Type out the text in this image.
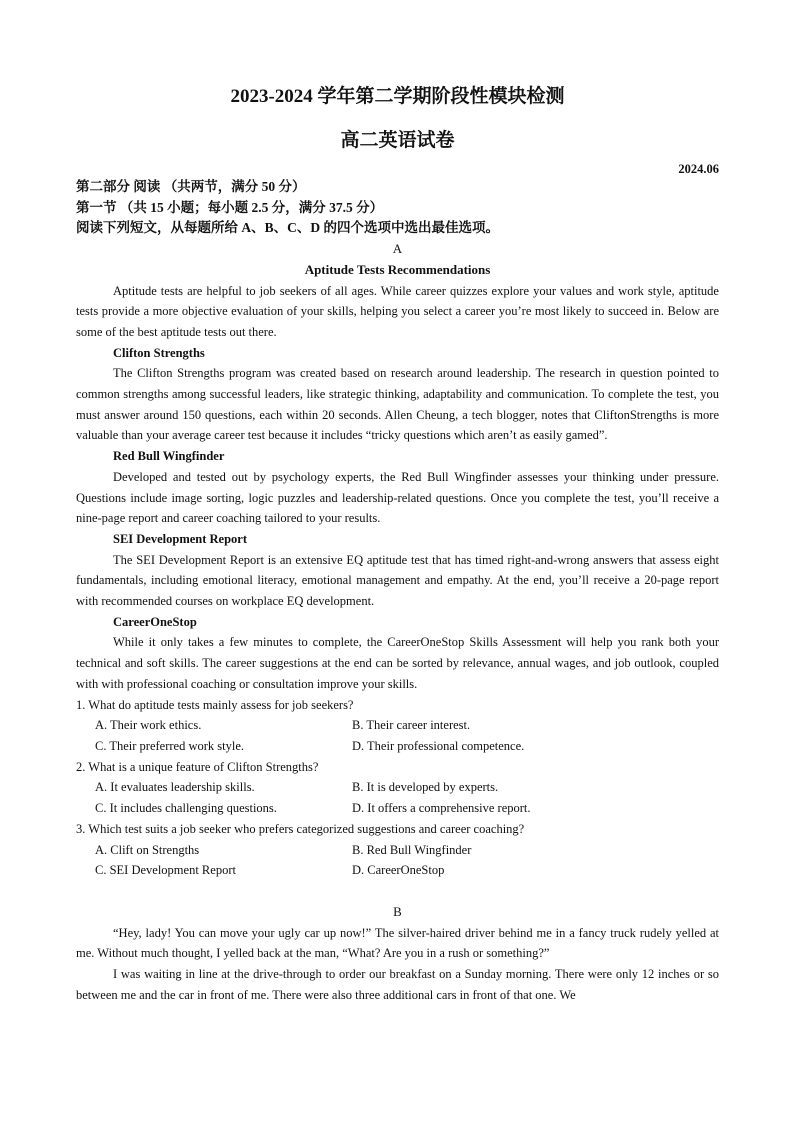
2023-2024 学年第二学期阶段性模块检测

高二英语试卷

2024.06

第二部分 阅读 （共两节，满分 50 分）

第一节 （共 15 小题；每小题 2.5 分，满分 37.5 分）

阅读下列短文，从每题所给 A、B、C、D 的四个选项中选出最佳选项。

A

Aptitude Tests Recommendations

Aptitude tests are helpful to job seekers of all ages. While career quizzes explore your values and work style, aptitude tests provide a more objective evaluation of your skills, helping you select a career you’re most likely to succeed in. Below are some of the best aptitude tests out there.

Clifton Strengths

The Clifton Strengths program was created based on research around leadership. The research in question pointed to common strengths among successful leaders, like strategic thinking, adaptability and communication. To complete the test, you must answer around 150 questions, each within 20 seconds. Allen Cheung, a tech blogger, notes that CliftonStrengths is more valuable than your average career test because it includes “tricky questions which aren’t as easily gamed”.

Red Bull Wingfinder

Developed and tested out by psychology experts, the Red Bull Wingfinder assesses your thinking under pressure. Questions include image sorting, logic puzzles and leadership-related questions. Once you complete the test, you’ll receive a nine-page report and career coaching tailored to your results.

SEI Development Report

The SEI Development Report is an extensive EQ aptitude test that has timed right-and-wrong answers that assess eight fundamentals, including emotional literacy, emotional management and empathy. At the end, you’ll receive a 20-page report with recommended courses on workplace EQ development.

CareerOneStop

While it only takes a few minutes to complete, the CareerOneStop Skills Assessment will help you rank both your technical and soft skills. The career suggestions at the end can be sorted by relevance, annual wages, and job outlook, coupled with with professional coaching or consultation improve your skills.

1. What do aptitude tests mainly assess for job seekers?

A. Their work ethics.	B. Their career interest.
C. Their preferred work style.	D. Their professional competence.

2. What is a unique feature of Clifton Strengths?

A. It evaluates leadership skills.	B. It is developed by experts.
C. It includes challenging questions.	D. It offers a comprehensive report.

3. Which test suits a job seeker who prefers categorized suggestions and career coaching?

A. Clift on Strengths	B. Red Bull Wingfinder
C. SEI Development Report	D. CareerOneStop

B

“Hey, lady! You can move your ugly car up now!” The silver-haired driver behind me in a fancy truck rudely yelled at me. Without much thought, I yelled back at the man, “What? Are you in a rush or something?”

I was waiting in line at the drive-through to order our breakfast on a Sunday morning. There were only 12 inches or so between me and the car in front of me. There were also three additional cars in front of that one. We
